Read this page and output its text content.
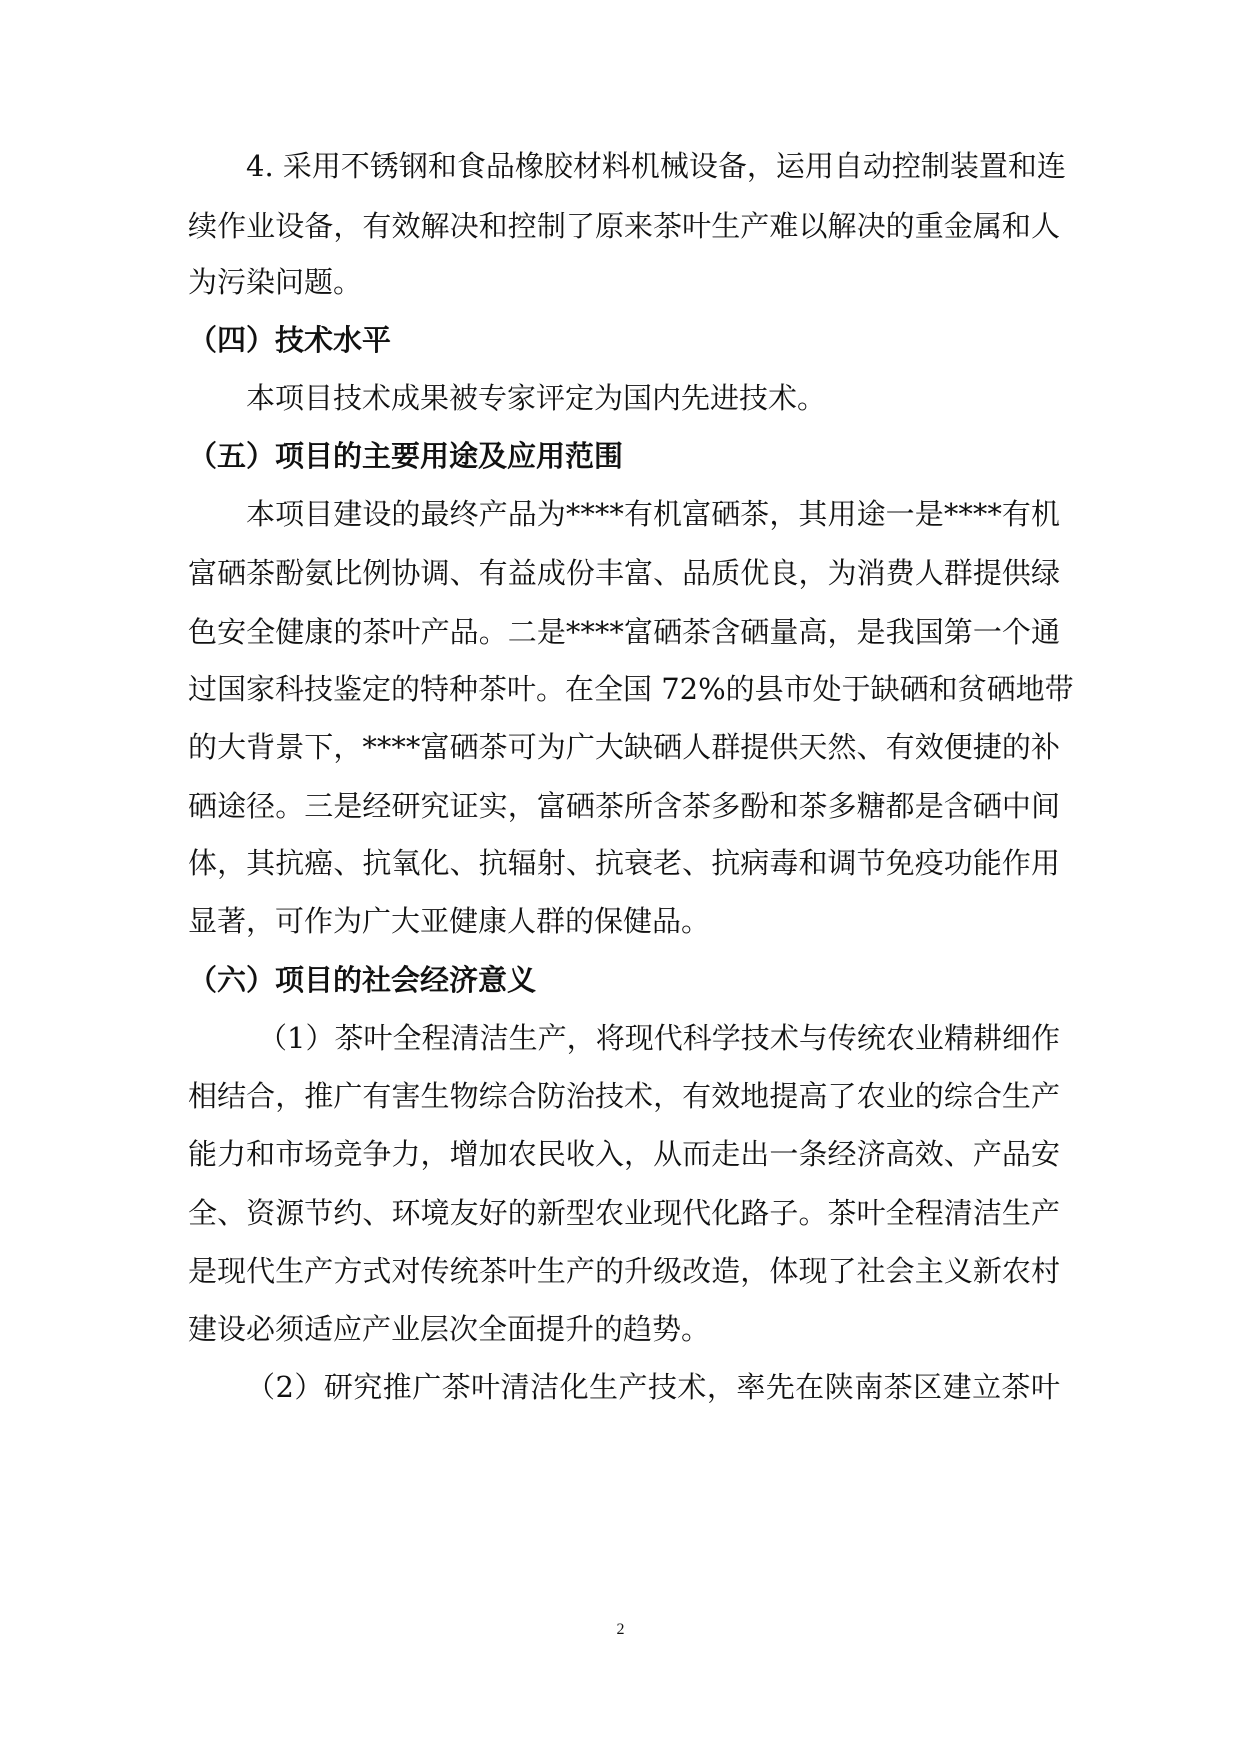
4. 采用不锈钢和食品橡胶材料机械设备，运用自动控制装置和连
续作业设备，有效解决和控制了原来茶叶生产难以解决的重金属和人
为污染问题。
（四）技术水平
本项目技术成果被专家评定为国内先进技术。
（五）项目的主要用途及应用范围
本项目建设的最终产品为****有机富硒茶，其用途一是****有机
富硒茶酚氨比例协调、有益成份丰富、品质优良，为消费人群提供绿
色安全健康的茶叶产品。二是****富硒茶含硒量高，是我国第一个通
过国家科技鉴定的特种茶叶。在全国 72%的县市处于缺硒和贫硒地带
的大背景下，****富硒茶可为广大缺硒人群提供天然、有效便捷的补
硒途径。三是经研究证实，富硒茶所含茶多酚和茶多糖都是含硒中间
体，其抗癌、抗氧化、抗辐射、抗衰老、抗病毒和调节免疫功能作用
显著，可作为广大亚健康人群的保健品。
（六）项目的社会经济意义
（1）茶叶全程清洁生产，将现代科学技术与传统农业精耕细作
相结合，推广有害生物综合防治技术，有效地提高了农业的综合生产
能力和市场竞争力，增加农民收入，从而走出一条经济高效、产品安
全、资源节约、环境友好的新型农业现代化路子。茶叶全程清洁生产
是现代生产方式对传统茶叶生产的升级改造，体现了社会主义新农村
建设必须适应产业层次全面提升的趋势。
（2）研究推广茶叶清洁化生产技术，率先在陕南茶区建立茶叶
2
